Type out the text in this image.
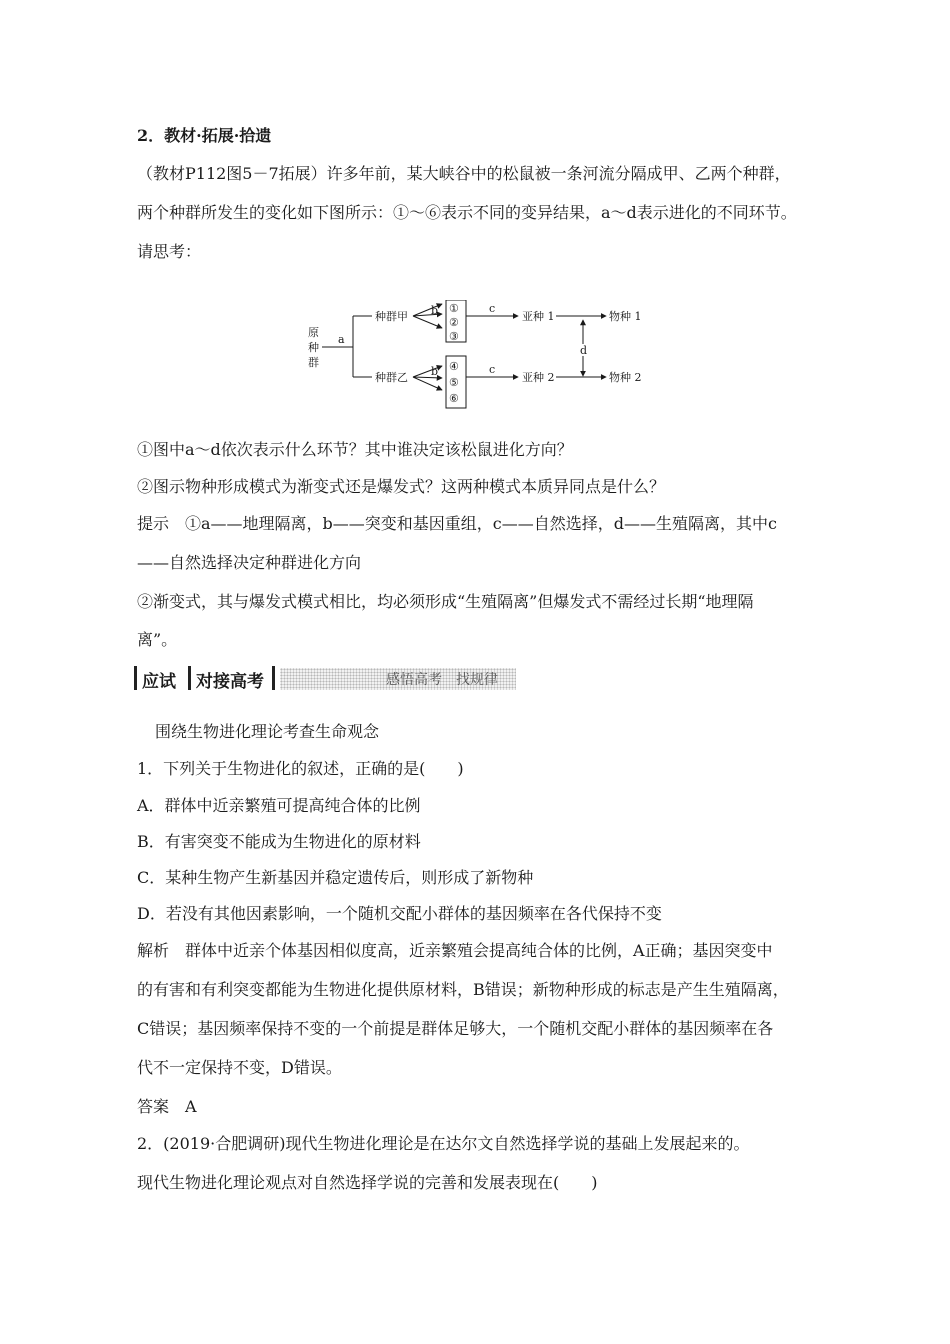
2．教材·拓展·拾遗
（教材P112图5－7拓展）许多年前，某大峡谷中的松鼠被一条河流分隔成甲、乙两个种群，
两个种群所发生的变化如下图所示：①～⑥表示不同的变异结果，a～d表示进化的不同环节。
请思考：
原
种
群
a
种群甲 b ①
②
③
c
亚种 1	物种 1
d
种群乙 b ④
⑤
⑥
c
亚种 2	物种 2
①图中a～d依次表示什么环节？其中谁决定该松鼠进化方向？
②图示物种形成模式为渐变式还是爆发式？这两种模式本质异同点是什么？
提示　①a——地理隔离，b——突变和基因重组，c——自然选择，d——生殖隔离，其中c
——自然选择决定种群进化方向
②渐变式，其与爆发式模式相比，均必须形成“生殖隔离”但爆发式不需经过长期“地理隔
离”。
应试 对接高考	感悟高考　找规律
围绕生物进化理论考查生命观念
1．下列关于生物进化的叙述，正确的是(　　)
A．群体中近亲繁殖可提高纯合体的比例
B．有害突变不能成为生物进化的原材料
C．某种生物产生新基因并稳定遗传后，则形成了新物种
D．若没有其他因素影响，一个随机交配小群体的基因频率在各代保持不变
解析　群体中近亲个体基因相似度高，近亲繁殖会提高纯合体的比例，A正确；基因突变中
的有害和有利突变都能为生物进化提供原材料，B错误；新物种形成的标志是产生生殖隔离，
C错误；基因频率保持不变的一个前提是群体足够大，一个随机交配小群体的基因频率在各
代不一定保持不变，D错误。
答案　A
2．(2019·合肥调研)现代生物进化理论是在达尔文自然选择学说的基础上发展起来的。
现代生物进化理论观点对自然选择学说的完善和发展表现在(　　)
